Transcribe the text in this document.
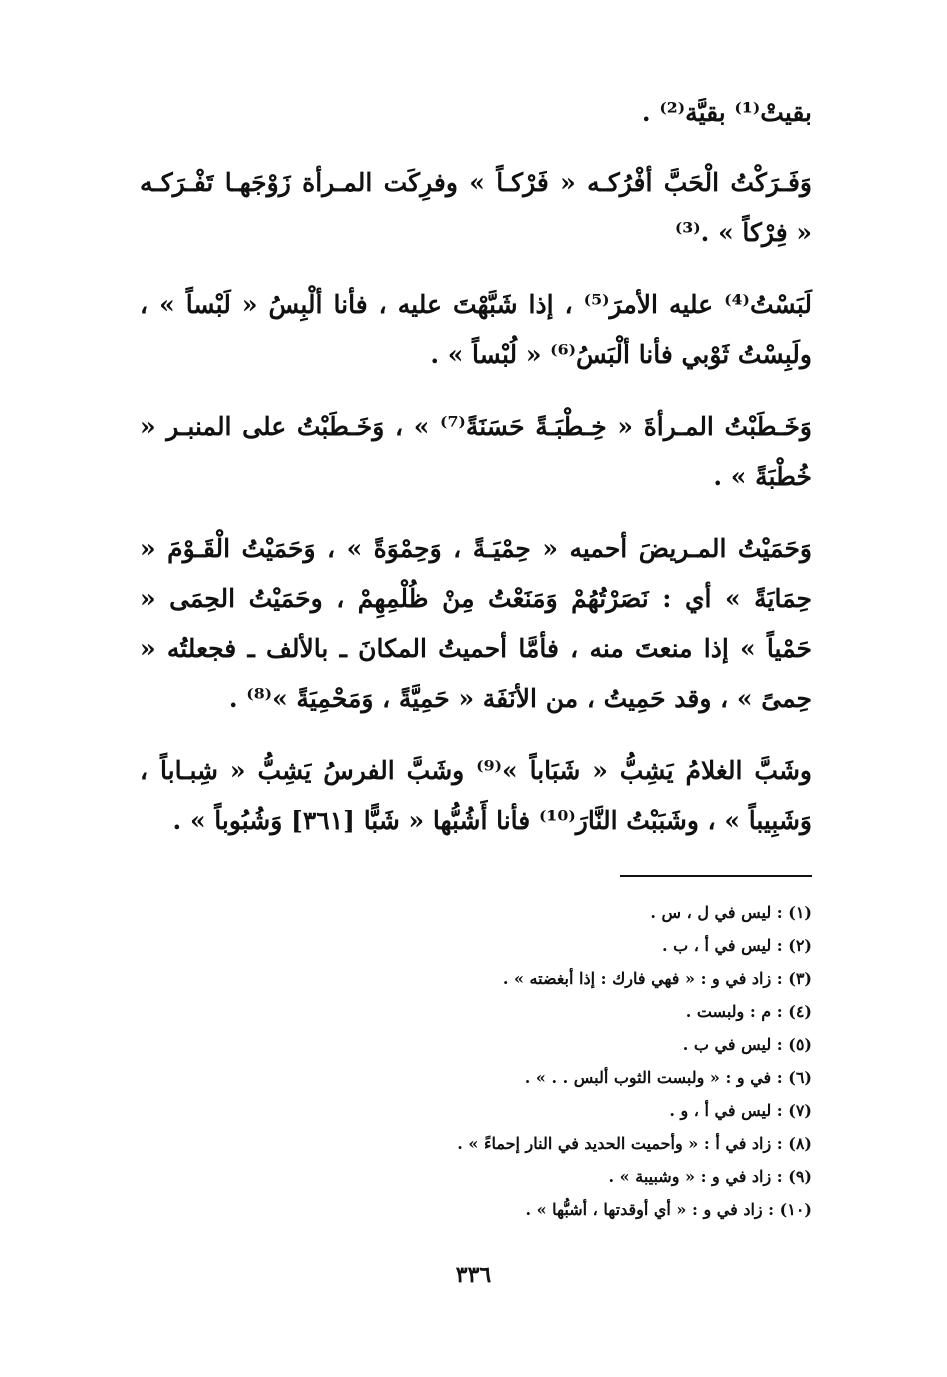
بقيتْ⁽¹⁾ بقيَّة⁽²⁾ .

وَفَـرَكْتُ الْحَبَّ أفْرُكـه « فَرْكـاً » وفرِكَت المـرأة زَوْجَهـا تَفْـرَكـه « فِرْكاً » .⁽³⁾

لَبَسْتُ⁽⁴⁾ عليه الأمرَ⁽⁵⁾ ، إذا شَبَّهْتَ عليه ، فأنا ألْبِسُ « لَبْساً » ، ولَبِسْتُ ثَوْبي فأنا ألْبَسُ⁽⁶⁾ « لُبْساً » .

وَخَـطَبْتُ المـرأةَ « خِـطْبَـةً حَسَنَةً⁽⁷⁾ » ، وَخَـطَبْتُ على المنبـر « خُطْبَةً » .

وَحَمَيْتُ المـريضَ أحميه « حِمْيَـةً ، وَحِمْوَةً » ، وَحَمَيْتُ الْقَـوْمَ « حِمَايَةً » أي : نَصَرْتُهُمْ وَمَنَعْتُ مِنْ ظُلْمِهِمْ ، وحَمَيْتُ الحِمَى « حَمْياً » إذا منعتَ منه ، فأمَّا أحميتُ المكانَ ـ بالألف ـ فجعلتُه « حِمىً » ، وقد حَمِيتُ ، من الأنَفَة « حَمِيَّةً ، وَمَحْمِيَةً »⁽⁸⁾ .

وشَبَّ الغلامُ يَشِبُّ « شَبَاباً »⁽⁹⁾ وشَبَّ الفرسُ يَشِبُّ « شِبـاباً ، وَشَبِيباً » ، وشَبَبْتُ النَّارَ⁽¹⁰⁾ فأنا أَشُبُّها « شَبًّا [٣٦١] وَشُبُوباً » .

(١) : ليس في ل ، س .
(٢) : ليس في أ ، ب .
(٣) : زاد في و : « فهي فارك : إذا أبغضته » .
(٤) : م : ولبست .
(٥) : ليس في ب .
(٦) : في و : « ولبست الثوب ألبس . . » .
(٧) : ليس في أ ، و .
(٨) : زاد في أ : « وأحميت الحديد في النار إحماءً » .
(٩) : زاد في و : « وشبيبة » .
(١٠) : زاد في و : « أي أوقدتها ، أشبُّها » .
٣٣٦
